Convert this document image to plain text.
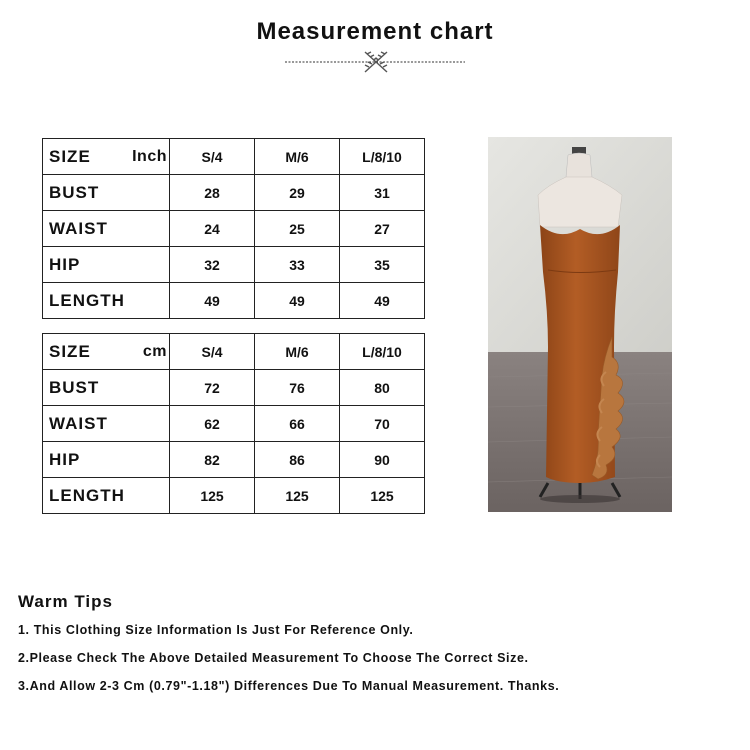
Measurement chart
SIZE Inch	S/4	M/6	L/8/10
BUST	28	29	31
WAIST	24	25	27
HIP	32	33	35
LENGTH	49	49	49
SIZE cm	S/4	M/6	L/8/10
BUST	72	76	80
WAIST	62	66	70
HIP	82	86	90
LENGTH	125	125	125
Warm Tips
1. This Clothing Size Information Is Just For Reference Only.
2.Please Check The Above Detailed Measurement To Choose The Correct Size.
3.And Allow 2-3 Cm (0.79"-1.18") Differences Due To Manual Measurement. Thanks.
